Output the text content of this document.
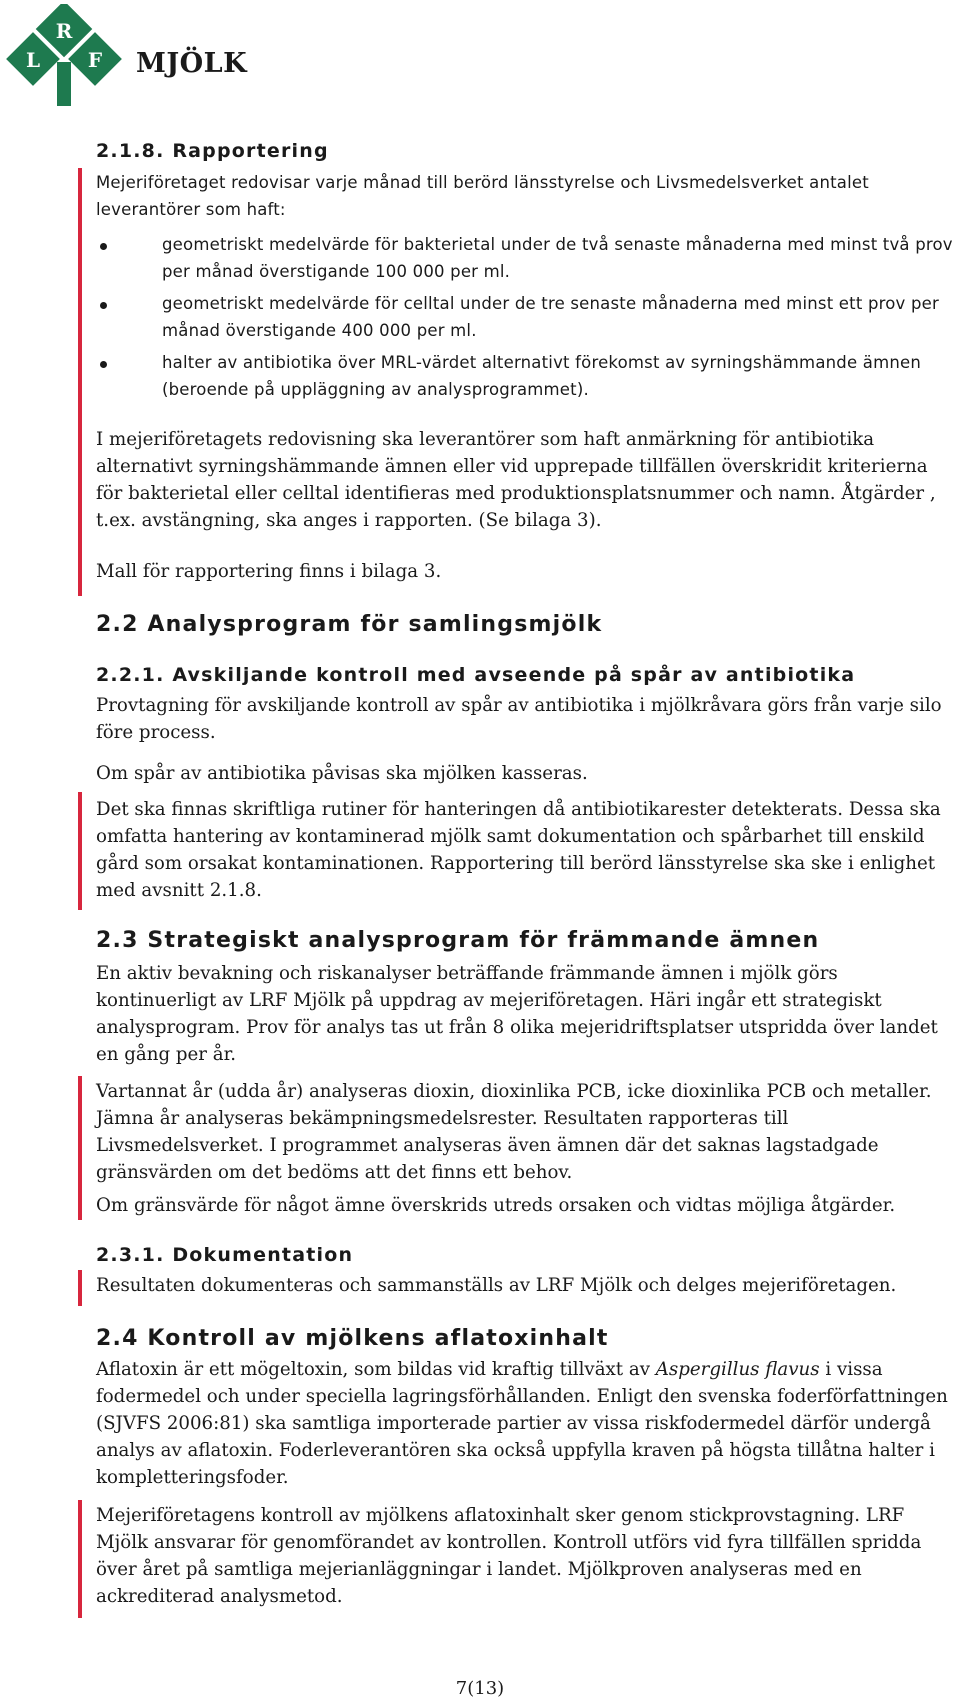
R
L F MJÖLK
2.1.8. Rapportering

Mejeriföretaget redovisar varje månad till berörd länsstyrelse och Livsmedelsverket antalet leverantörer som haft:

geometriskt medelvärde för bakterietal under de två senaste månaderna med minst två prov per månad överstigande 100 000 per ml.
geometriskt medelvärde för celltal under de tre senaste månaderna med minst ett prov per månad överstigande 400 000 per ml.
halter av antibiotika över MRL-värdet alternativt förekomst av syrningshämmande ämnen (beroende på uppläggning av analysprogrammet).

I mejeriföretagets redovisning ska leverantörer som haft anmärkning för antibiotika alternativt syrningshämmande ämnen eller vid upprepade tillfällen överskridit kriterierna för bakterietal eller celltal identifieras med produktionsplatsnummer och namn. Åtgärder , t.ex. avstängning, ska anges i rapporten. (Se bilaga 3).

Mall för rapportering finns i bilaga 3.

2.2 Analysprogram för samlingsmjölk
2.2.1. Avskiljande kontroll med avseende på spår av antibiotika

Provtagning för avskiljande kontroll av spår av antibiotika i mjölkråvara görs från varje silo före process.

Om spår av antibiotika påvisas ska mjölken kasseras.

Det ska finnas skriftliga rutiner för hanteringen då antibiotikarester detekterats. Dessa ska omfatta hantering av kontaminerad mjölk samt dokumentation och spårbarhet till enskild gård som orsakat kontaminationen. Rapportering till berörd länsstyrelse ska ske i enlighet med avsnitt 2.1.8.

2.3 Strategiskt analysprogram för främmande ämnen

En aktiv bevakning och riskanalyser beträffande främmande ämnen i mjölk görs kontinuerligt av LRF Mjölk på uppdrag av mejeriföretagen. Häri ingår ett strategiskt analysprogram. Prov för analys tas ut från 8 olika mejeridriftsplatser utspridda över landet en gång per år.

Vartannat år (udda år) analyseras dioxin, dioxinlika PCB, icke dioxinlika PCB och metaller. Jämna år analyseras bekämpningsmedelsrester. Resultaten rapporteras till Livsmedelsverket. I programmet analyseras även ämnen där det saknas lagstadgade gränsvärden om det bedöms att det finns ett behov.

Om gränsvärde för något ämne överskrids utreds orsaken och vidtas möjliga åtgärder.

2.3.1. Dokumentation

Resultaten dokumenteras och sammanställs av LRF Mjölk och delges mejeriföretagen.

2.4 Kontroll av mjölkens aflatoxinhalt

Aflatoxin är ett mögeltoxin, som bildas vid kraftig tillväxt av Aspergillus flavus i vissa fodermedel och under speciella lagringsförhållanden. Enligt den svenska foderförfattningen (SJVFS 2006:81) ska samtliga importerade partier av vissa riskfodermedel därför undergå analys av aflatoxin. Foderleverantören ska också uppfylla kraven på högsta tillåtna halter i kompletteringsfoder.

Mejeriföretagens kontroll av mjölkens aflatoxinhalt sker genom stickprovstagning. LRF Mjölk ansvarar för genomförandet av kontrollen. Kontroll utförs vid fyra tillfällen spridda över året på samtliga mejerianläggningar i landet. Mjölkproven analyseras med en ackrediterad analysmetod.

7(13)
